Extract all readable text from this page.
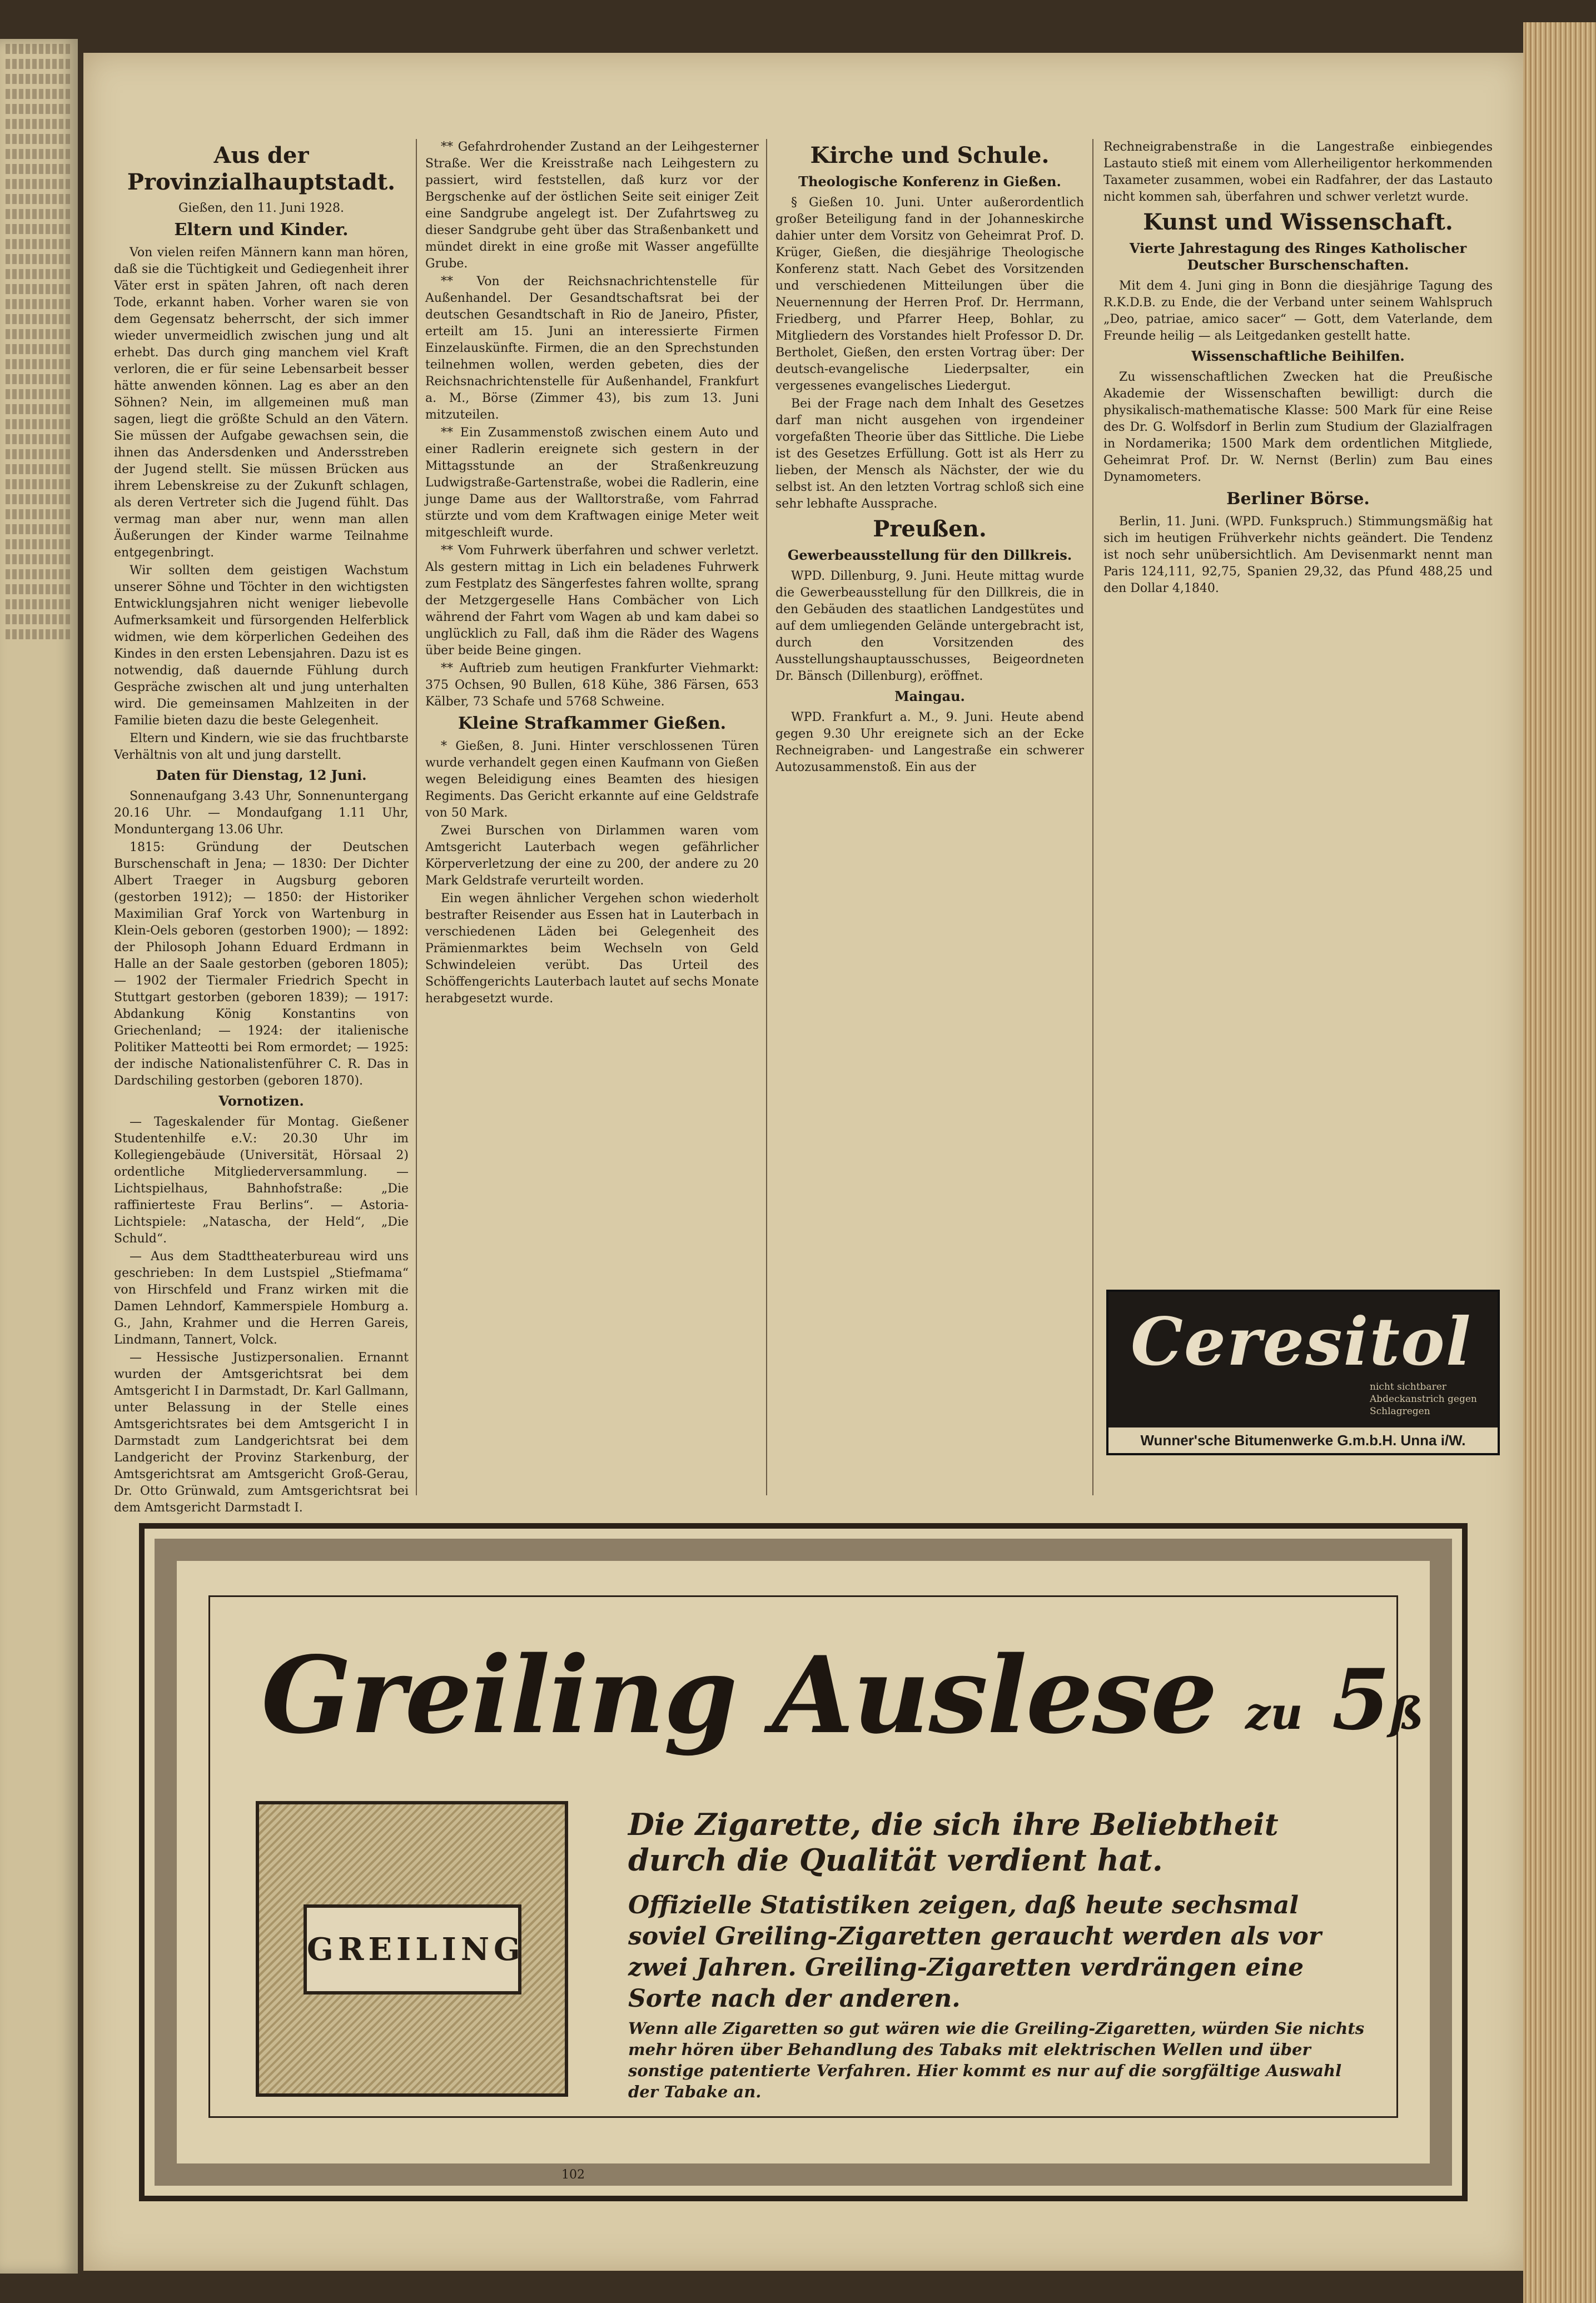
Aus der Provinzialhauptstadt.
Gießen, den 11. Juni 1928.
Eltern und Kinder.

Von vielen reifen Männern kann man hören, daß sie die Tüchtigkeit und Gediegenheit ihrer Väter erst in späten Jahren, oft nach deren Tode, erkannt haben. Vorher waren sie von dem Gegensatz beherrscht, der sich immer wieder unvermeidlich zwischen jung und alt erhebt. Das durch ging manchem viel Kraft verloren, die er für seine Lebensarbeit besser hätte anwenden können. Lag es aber an den Söhnen? Nein, im allgemeinen muß man sagen, liegt die größte Schuld an den Vätern. Sie müssen der Aufgabe gewachsen sein, die ihnen das Andersdenken und Andersstreben der Jugend stellt. Sie müssen Brücken aus ihrem Lebenskreise zu der Zukunft schlagen, als deren Vertreter sich die Jugend fühlt. Das vermag man aber nur, wenn man allen Äußerungen der Kinder warme Teilnahme entgegenbringt.

Wir sollten dem geistigen Wachstum unserer Söhne und Töchter in den wichtigsten Entwicklungsjahren nicht weniger liebevolle Aufmerksamkeit und fürsorgenden Helferblick widmen, wie dem körperlichen Gedeihen des Kindes in den ersten Lebensjahren. Dazu ist es notwendig, daß dauernde Fühlung durch Gespräche zwischen alt und jung unterhalten wird. Die gemeinsamen Mahlzeiten in der Familie bieten dazu die beste Gelegenheit.

Eltern und Kindern, wie sie das fruchtbarste Verhältnis von alt und jung darstellt.

Daten für Dienstag, 12 Juni.

Sonnenaufgang 3.43 Uhr, Sonnenuntergang 20.16 Uhr. — Mondaufgang 1.11 Uhr, Monduntergang 13.06 Uhr.

1815: Gründung der Deutschen Burschenschaft in Jena; — 1830: Der Dichter Albert Traeger in Augsburg geboren (gestorben 1912); — 1850: der Historiker Maximilian Graf Yorck von Wartenburg in Klein-Oels geboren (gestorben 1900); — 1892: der Philosoph Johann Eduard Erdmann in Halle an der Saale gestorben (geboren 1805); — 1902 der Tiermaler Friedrich Specht in Stuttgart gestorben (geboren 1839); — 1917: Abdankung König Konstantins von Griechenland; — 1924: der italienische Politiker Matteotti bei Rom ermordet; — 1925: der indische Nationalistenführer C. R. Das in Dardschiling gestorben (geboren 1870).

Vornotizen.

— Tageskalender für Montag. Gießener Studentenhilfe e.V.: 20.30 Uhr im Kollegiengebäude (Universität, Hörsaal 2) ordentliche Mitgliederversammlung. — Lichtspielhaus, Bahnhofstraße: „Die raffinierteste Frau Berlins“. — Astoria-Lichtspiele: „Natascha, der Held“, „Die Schuld“.

— Aus dem Stadttheaterbureau wird uns geschrieben: In dem Lustspiel „Stiefmama“ von Hirschfeld und Franz wirken mit die Damen Lehndorf, Kammerspiele Homburg a. G., Jahn, Krahmer und die Herren Gareis, Lindmann, Tannert, Volck.

— Hessische Justizpersonalien. Ernannt wurden der Amtsgerichtsrat bei dem Amtsgericht I in Darmstadt, Dr. Karl Gallmann, unter Belassung in der Stelle eines Amtsgerichtsrates bei dem Amtsgericht I in Darmstadt zum Landgerichtsrat bei dem Landgericht der Provinz Starkenburg, der Amtsgerichtsrat am Amtsgericht Groß-Gerau, Dr. Otto Grünwald, zum Amtsgerichtsrat bei dem Amtsgericht Darmstadt I.

** Gefahrdrohender Zustand an der Leihgesterner Straße. Wer die Kreisstraße nach Leihgestern zu passiert, wird feststellen, daß kurz vor der Bergschenke auf der östlichen Seite seit einiger Zeit eine Sandgrube angelegt ist. Der Zufahrtsweg zu dieser Sandgrube geht über das Straßenbankett und mündet direkt in eine große mit Wasser angefüllte Grube.

** Von der Reichsnachrichtenstelle für Außenhandel. Der Gesandtschaftsrat bei der deutschen Gesandtschaft in Rio de Janeiro, Pfister, erteilt am 15. Juni an interessierte Firmen Einzelauskünfte. Firmen, die an den Sprechstunden teilnehmen wollen, werden gebeten, dies der Reichsnachrichtenstelle für Außenhandel, Frankfurt a. M., Börse (Zimmer 43), bis zum 13. Juni mitzuteilen.

** Ein Zusammenstoß zwischen einem Auto und einer Radlerin ereignete sich gestern in der Mittagsstunde an der Straßenkreuzung Ludwigstraße-Gartenstraße, wobei die Radlerin, eine junge Dame aus der Walltorstraße, vom Fahrrad stürzte und vom dem Kraftwagen einige Meter weit mitgeschleift wurde.

** Vom Fuhrwerk überfahren und schwer verletzt. Als gestern mittag in Lich ein beladenes Fuhrwerk zum Festplatz des Sängerfestes fahren wollte, sprang der Metzgergeselle Hans Combächer von Lich während der Fahrt vom Wagen ab und kam dabei so unglücklich zu Fall, daß ihm die Räder des Wagens über beide Beine gingen.

** Auftrieb zum heutigen Frankfurter Viehmarkt: 375 Ochsen, 90 Bullen, 618 Kühe, 386 Färsen, 653 Kälber, 73 Schafe und 5768 Schweine.

Kleine Strafkammer Gießen.

* Gießen, 8. Juni. Hinter verschlossenen Türen wurde verhandelt gegen einen Kaufmann von Gießen wegen Beleidigung eines Beamten des hiesigen Regiments. Das Gericht erkannte auf eine Geldstrafe von 50 Mark.

Zwei Burschen von Dirlammen waren vom Amtsgericht Lauterbach wegen gefährlicher Körperverletzung der eine zu 200, der andere zu 20 Mark Geldstrafe verurteilt worden.

Ein wegen ähnlicher Vergehen schon wiederholt bestrafter Reisender aus Essen hat in Lauterbach in verschiedenen Läden bei Gelegenheit des Prämienmarktes beim Wechseln von Geld Schwindeleien verübt. Das Urteil des Schöffengerichts Lauterbach lautet auf sechs Monate herabgesetzt wurde.

Kirche und Schule.
Theologische Konferenz in Gießen.

§ Gießen 10. Juni. Unter außerordentlich großer Beteiligung fand in der Johanneskirche dahier unter dem Vorsitz von Geheimrat Prof. D. Krüger, Gießen, die diesjährige Theologische Konferenz statt. Nach Gebet des Vorsitzenden und verschiedenen Mitteilungen über die Neuernennung der Herren Prof. Dr. Herrmann, Friedberg, und Pfarrer Heep, Bohlar, zu Mitgliedern des Vorstandes hielt Professor D. Dr. Bertholet, Gießen, den ersten Vortrag über: Der deutsch-evangelische Liederpsalter, ein vergessenes evangelisches Liedergut.

Bei der Frage nach dem Inhalt des Gesetzes darf man nicht ausgehen von irgendeiner vorgefaßten Theorie über das Sittliche. Die Liebe ist des Gesetzes Erfüllung. Gott ist als Herr zu lieben, der Mensch als Nächster, der wie du selbst ist. An den letzten Vortrag schloß sich eine sehr lebhafte Aussprache.

Preußen.
Gewerbeausstellung für den Dillkreis.

WPD. Dillenburg, 9. Juni. Heute mittag wurde die Gewerbeausstellung für den Dillkreis, die in den Gebäuden des staatlichen Landgestütes und auf dem umliegenden Gelände untergebracht ist, durch den Vorsitzenden des Ausstellungshauptausschusses, Beigeordneten Dr. Bänsch (Dillenburg), eröffnet.

Maingau.

WPD. Frankfurt a. M., 9. Juni. Heute abend gegen 9.30 Uhr ereignete sich an der Ecke Rechneigraben- und Langestraße ein schwerer Autozusammenstoß. Ein aus der

Rechneigrabenstraße in die Langestraße einbiegendes Lastauto stieß mit einem vom Allerheiligentor herkommenden Taxameter zusammen, wobei ein Radfahrer, der das Lastauto nicht kommen sah, überfahren und schwer verletzt wurde.

Kunst und Wissenschaft.
Vierte Jahrestagung des Ringes Katholischer Deutscher Burschenschaften.

Mit dem 4. Juni ging in Bonn die diesjährige Tagung des R.K.D.B. zu Ende, die der Verband unter seinem Wahlspruch „Deo, patriae, amico sacer“ — Gott, dem Vaterlande, dem Freunde heilig — als Leitgedanken gestellt hatte.

Wissenschaftliche Beihilfen.

Zu wissenschaftlichen Zwecken hat die Preußische Akademie der Wissenschaften bewilligt: durch die physikalisch-mathematische Klasse: 500 Mark für eine Reise des Dr. G. Wolfsdorf in Berlin zum Studium der Glazialfragen in Nordamerika; 1500 Mark dem ordentlichen Mitgliede, Geheimrat Prof. Dr. W. Nernst (Berlin) zum Bau eines Dynamometers.

Berliner Börse.

Berlin, 11. Juni. (WPD. Funkspruch.) Stimmungsmäßig hat sich im heutigen Frühverkehr nichts geändert. Die Tendenz ist noch sehr unübersichtlich. Am Devisenmarkt nennt man Paris 124,111, 92,75, Spanien 29,32, das Pfund 488,25 und den Dollar 4,1840.

Ceresitol
nicht sichtbarer Abdeckanstrich gegen Schlagregen
Wunner'sche Bitumenwerke G.m.b.H. Unna i/W.
Greiling Auslese zu 5ß
GREILING
Die Zigarette, die sich ihre Beliebtheit durch die Qualität verdient hat.
Offizielle Statistiken zeigen, daß heute sechsmal soviel Greiling-Zigaretten geraucht werden als vor zwei Jahren. Greiling-Zigaretten verdrängen eine Sorte nach der anderen.
Wenn alle Zigaretten so gut wären wie die Greiling-Zigaretten, würden Sie nichts mehr hören über Behandlung des Tabaks mit elektrischen Wellen und über sonstige patentierte Verfahren. Hier kommt es nur auf die sorgfältige Auswahl der Tabake an.
102
